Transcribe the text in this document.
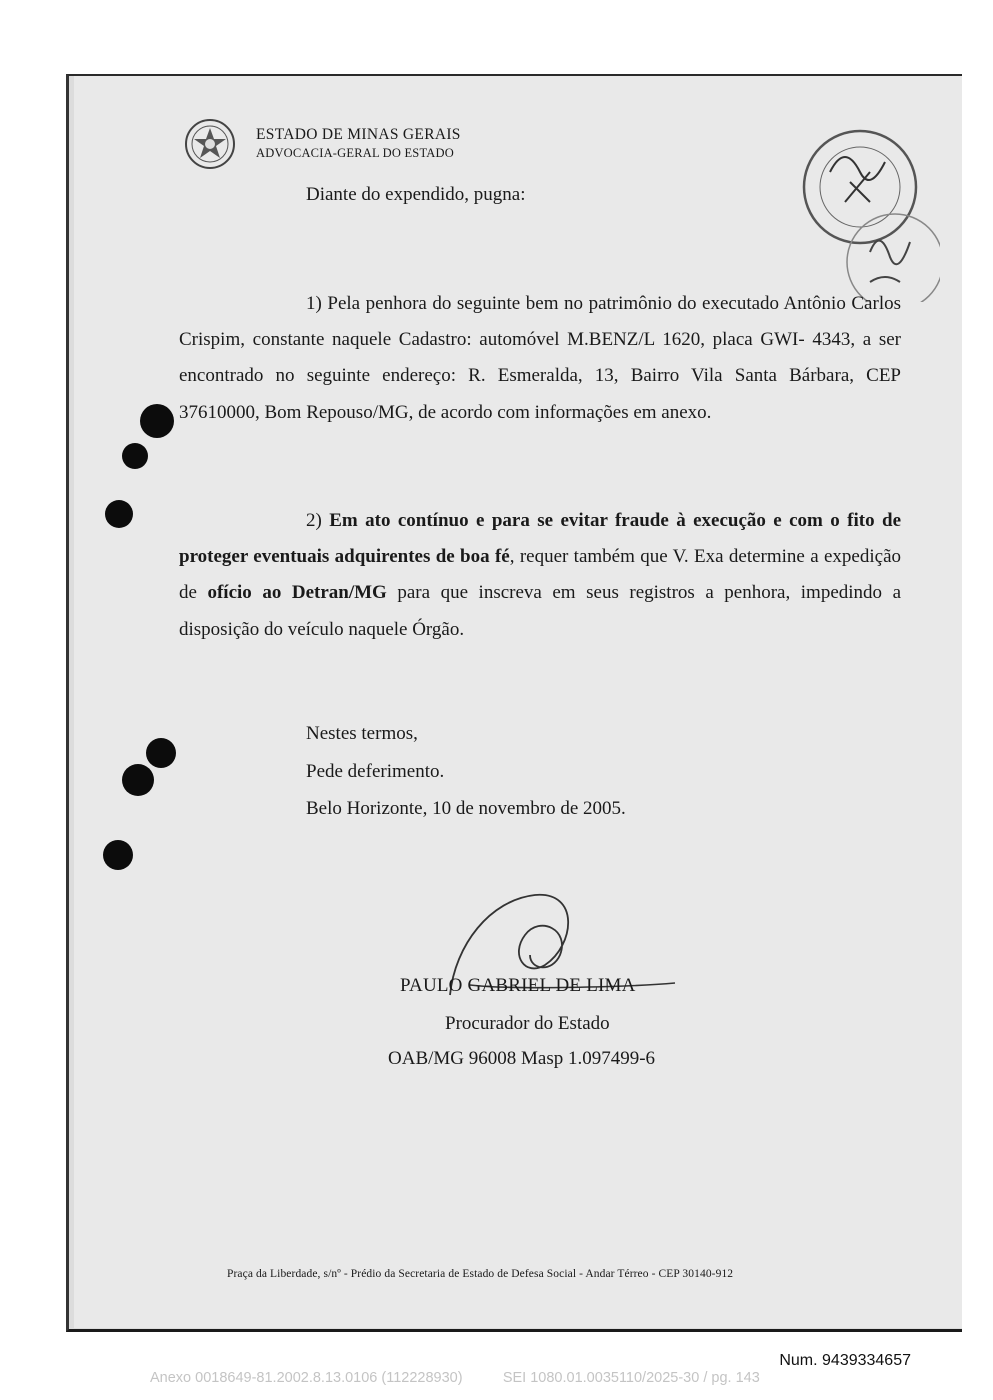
ESTADO DE MINAS GERAIS
ADVOCACIA-GERAL DO ESTADO
Diante do expendido, pugna:
1) Pela penhora do seguinte bem no patrimônio do executado Antônio Carlos Crispim, constante naquele Cadastro: automóvel M.BENZ/L 1620, placa GWI- 4343, a ser encontrado no seguinte endereço: R. Esmeralda, 13, Bairro Vila Santa Bárbara, CEP 37610000, Bom Repouso/MG, de acordo com informações em anexo.
2) Em ato contínuo e para se evitar fraude à execução e com o fito de proteger eventuais adquirentes de boa fé, requer também que V. Exa determine a expedição de ofício ao Detran/MG para que inscreva em seus registros a penhora, impedindo a disposição do veículo naquele Órgão.
Nestes termos,
Pede deferimento.
Belo Horizonte, 10 de novembro de 2005.
PAULO GABRIEL DE LIMA
Procurador do Estado
OAB/MG 96008 Masp 1.097499-6
Praça da Liberdade, s/nº - Prédio da Secretaria de Estado de Defesa Social - Andar Térreo - CEP 30140-912
Num. 9439334657
Anexo 0018649-81.2002.8.13.0106 (112228930)          SEI 1080.01.0035110/2025-30 / pg. 143
